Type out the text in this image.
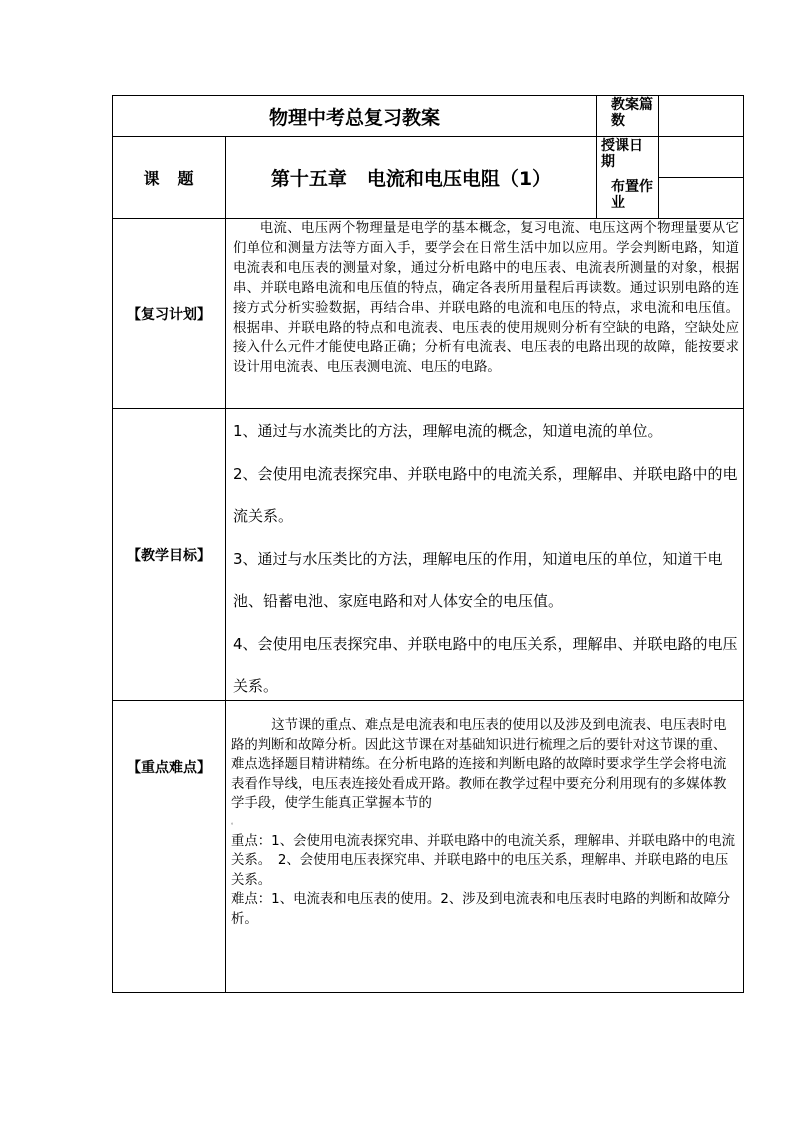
物理中考总复习教案
教案篇数
课　题	第十五章 电流和电压电阻（1）
授课日期
布置作业
【复习计划】

电流、电压两个物理量是电学的基本概念，复习电流、电压这两个物理量要从它们单位和测量方法等方面入手，要学会在日常生活中加以应用。学会判断电路，知道电流表和电压表的测量对象，通过分析电路中的电压表、电流表所测量的对象，根据串、并联电路电流和电压值的特点，确定各表所用量程后再读数。通过识别电路的连接方式分析实验数据，再结合串、并联电路的电流和电压的特点，求电流和电压值。根据串、并联电路的特点和电流表、电压表的使用规则分析有空缺的电路，空缺处应接入什么元件才能使电路正确；分析有电流表、电压表的电路出现的故障，能按要求设计用电流表、电压表测电流、电压的电路。

【教学目标】

1、通过与水流类比的方法，理解电流的概念，知道电流的单位。

2、会使用电流表探究串、并联电路中的电流关系，理解串、并联电路中的电流关系。

3、通过与水压类比的方法，理解电压的作用，知道电压的单位，知道干电池、铅蓄电池、家庭电路和对人体安全的电压值。

4、会使用电压表探究串、并联电路中的电压关系，理解串、并联电路的电压关系。

【重点难点】

这节课的重点、难点是电流表和电压表的使用以及涉及到电流表、电压表时电路的判断和故障分析。因此这节课在对基础知识进行梳理之后的要针对这节课的重、难点选择题目精讲精练。在分析电路的连接和判断电路的故障时要求学生学会将电流表看作导线，电压表连接处看成开路。教师在教学过程中要充分利用现有的多媒体教学手段，使学生能真正掌握本节的

。

重点：1、会使用电流表探究串、并联电路中的电流关系，理解串、并联电路中的电流关系。　2、会使用电压表探究串、并联电路中的电压关系，理解串、并联电路的电压关系。

难点：1、电流表和电压表的使用。2、涉及到电流表和电压表时电路的判断和故障分析。
